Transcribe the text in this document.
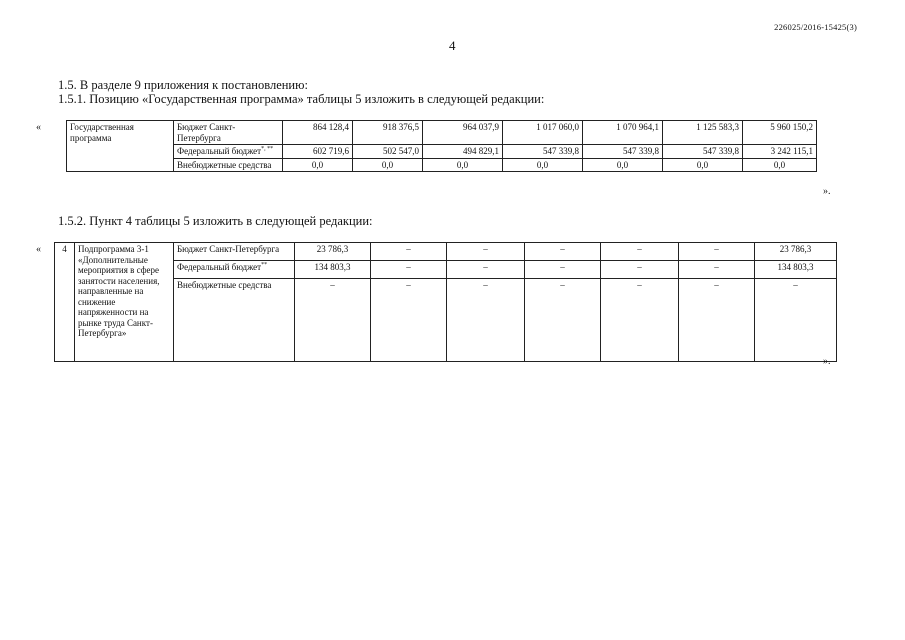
226025/2016-15425(3)
4
1.5. В разделе 9 приложения к постановлению:
1.5.1. Позицию «Государственная программа» таблицы 5 изложить в следующей редакции:
«	Государственная программа	Бюджет Санкт-Петербурга	864 128,4	918 376,5	964 037,9	1 017 060,0	1 070 964,1	1 125 583,3	5 960 150,2
	Федеральный бюджет*, **	602 719,6	502 547,0	494 829,1	547 339,8	547 339,8	547 339,8	3 242 115,1
	Внебюджетные средства	0,0	0,0	0,0	0,0	0,0	0,0	0,0
».
1.5.2. Пункт 4 таблицы 5 изложить в следующей редакции:
« 4	Подпрограмма 3-1 «Дополнительные мероприятия в сфере занятости населения, направленные на снижение напряженности на рынке труда Санкт-Петербурга»	Бюджет Санкт-Петербурга	23 786,3	–	–	–	–	–	23 786,3
		Федеральный бюджет**	134 803,3	–	–	–	–	–	134 803,3
		Внебюджетные средства	–	–	–	–	–	–	–
».
